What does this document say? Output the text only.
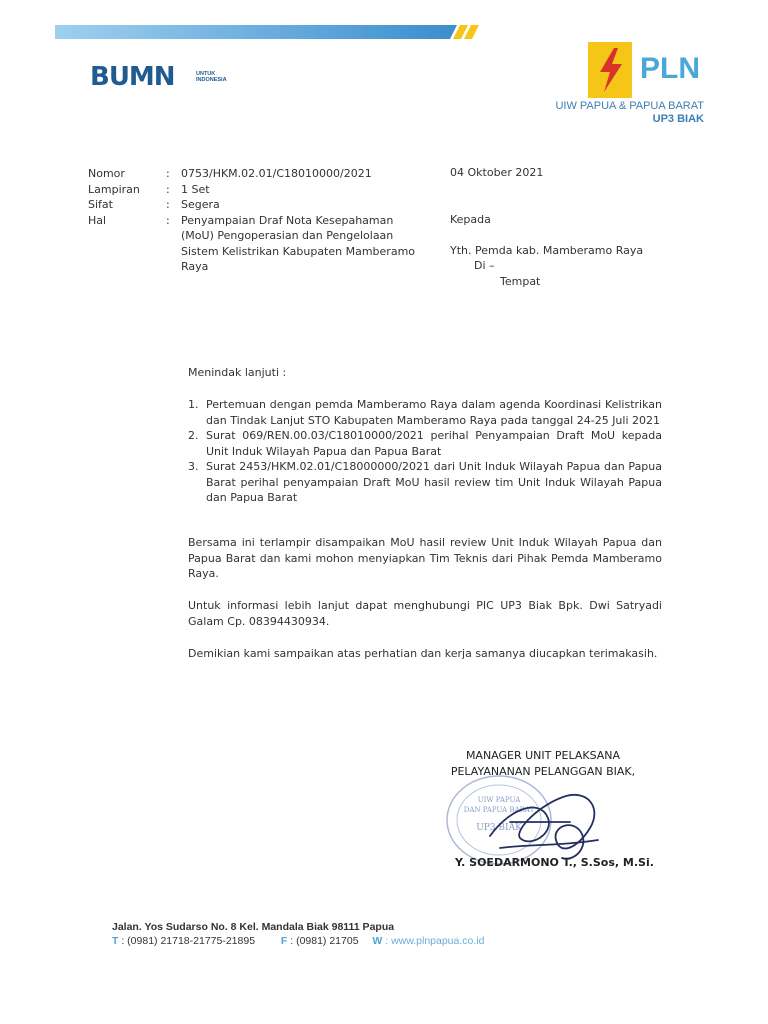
BUMN	UNTUK INDONESIA	PLN
UIW PAPUA & PAPUA BARAT
UP3 BIAK
Nomor	:	0753/HKM.02.01/C18010000/2021
Lampiran	:	1 Set
Sifat	:	Segera
Hal	:	Penyampaian Draf Nota Kesepahaman (MoU) Pengoperasian dan Pengelolaan Sistem Kelistrikan Kabupaten Mamberamo Raya
04 Oktober 2021
Kepada
Yth. Pemda kab. Mamberamo Raya
Di –
Tempat
Menindak lanjuti :
1. Pertemuan dengan pemda Mamberamo Raya dalam agenda Koordinasi Kelistrikan dan Tindak Lanjut STO Kabupaten Mamberamo Raya pada tanggal 24-25 Juli 2021
2. Surat 069/REN.00.03/C18010000/2021 perihal Penyampaian Draft MoU kepada Unit Induk Wilayah Papua dan Papua Barat
3. Surat 2453/HKM.02.01/C18000000/2021 dari Unit Induk Wilayah Papua dan Papua Barat perihal penyampaian Draft MoU hasil review tim Unit Induk Wilayah Papua dan Papua Barat
Bersama ini terlampir disampaikan MoU hasil review Unit Induk Wilayah Papua dan Papua Barat dan kami mohon menyiapkan Tim Teknis dari Pihak Pemda Mamberamo Raya.
Untuk informasi lebih lanjut dapat menghubungi PIC UP3 Biak Bpk. Dwi Satryadi Galam Cp. 08394430934.
Demikian kami sampaikan atas perhatian dan kerja samanya diucapkan terimakasih.
MANAGER UNIT PELAKSANA
PELAYANANAN PELANGGAN BIAK,
UIW PAPUA
DAN PAPUA BARAT
UP3 BIAK
Y. SOEDARMONO T., S.Sos, M.Si.
Jalan. Yos Sudarso No. 8 Kel. Mandala Biak 98111 Papua
T : (0981) 21718-21775-21895 F : (0981) 21705 W : www.plnpapua.co.id
